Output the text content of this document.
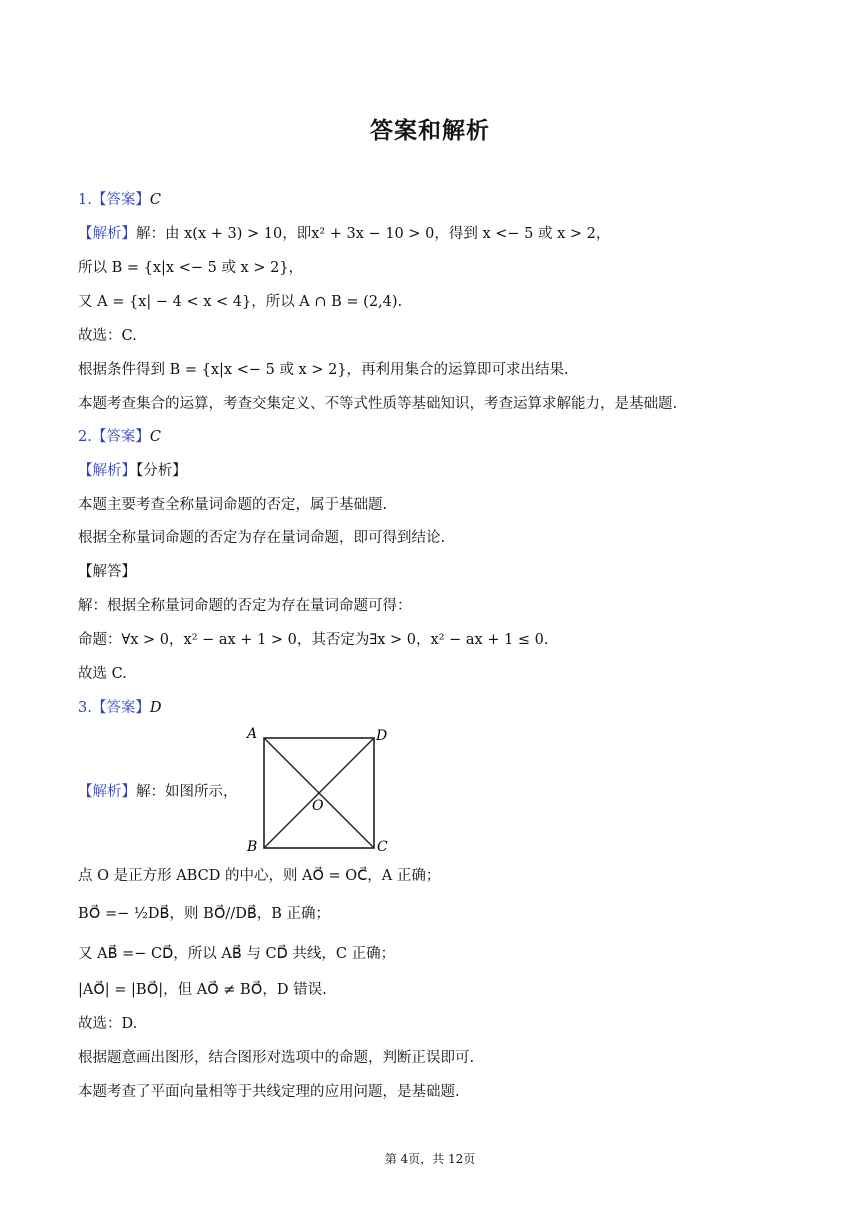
答案和解析
1.【答案】C
【解析】解：由 x(x + 3) > 10，即x² + 3x − 10 > 0，得到 x <− 5 或 x > 2，
所以 B = {x|x <− 5 或 x > 2}，
又 A = {x| − 4 < x < 4}，所以 A ∩ B = (2,4).
故选：C.
根据条件得到 B = {x|x <− 5 或 x > 2}，再利用集合的运算即可求出结果.
本题考查集合的运算，考查交集定义、不等式性质等基础知识，考查运算求解能力，是基础题.
2.【答案】C
【解析】【分析】
本题主要考查全称量词命题的否定，属于基础题.
根据全称量词命题的否定为存在量词命题，即可得到结论.
【解答】
解：根据全称量词命题的否定为存在量词命题可得：
命题：∀x > 0，x² − ax + 1 > 0，其否定为∃x > 0，x² − ax + 1 ≤ 0.
故选 C.
3.【答案】D
【解析】解：如图所示，
A	D
O
B	C
点 O 是正方形 ABCD 的中心，则 AO⃗ = OC⃗，A 正确；
BO⃗ =− ½DB⃗，则 BO⃗//DB⃗，B 正确；
又 AB⃗ =− CD⃗，所以 AB⃗ 与 CD⃗ 共线，C 正确；
|AO⃗| = |BO⃗|，但 AO⃗ ≠ BO⃗，D 错误.
故选：D.
根据题意画出图形，结合图形对选项中的命题，判断正误即可.
本题考查了平面向量相等于共线定理的应用问题，是基础题.
第 4页，共 12页
